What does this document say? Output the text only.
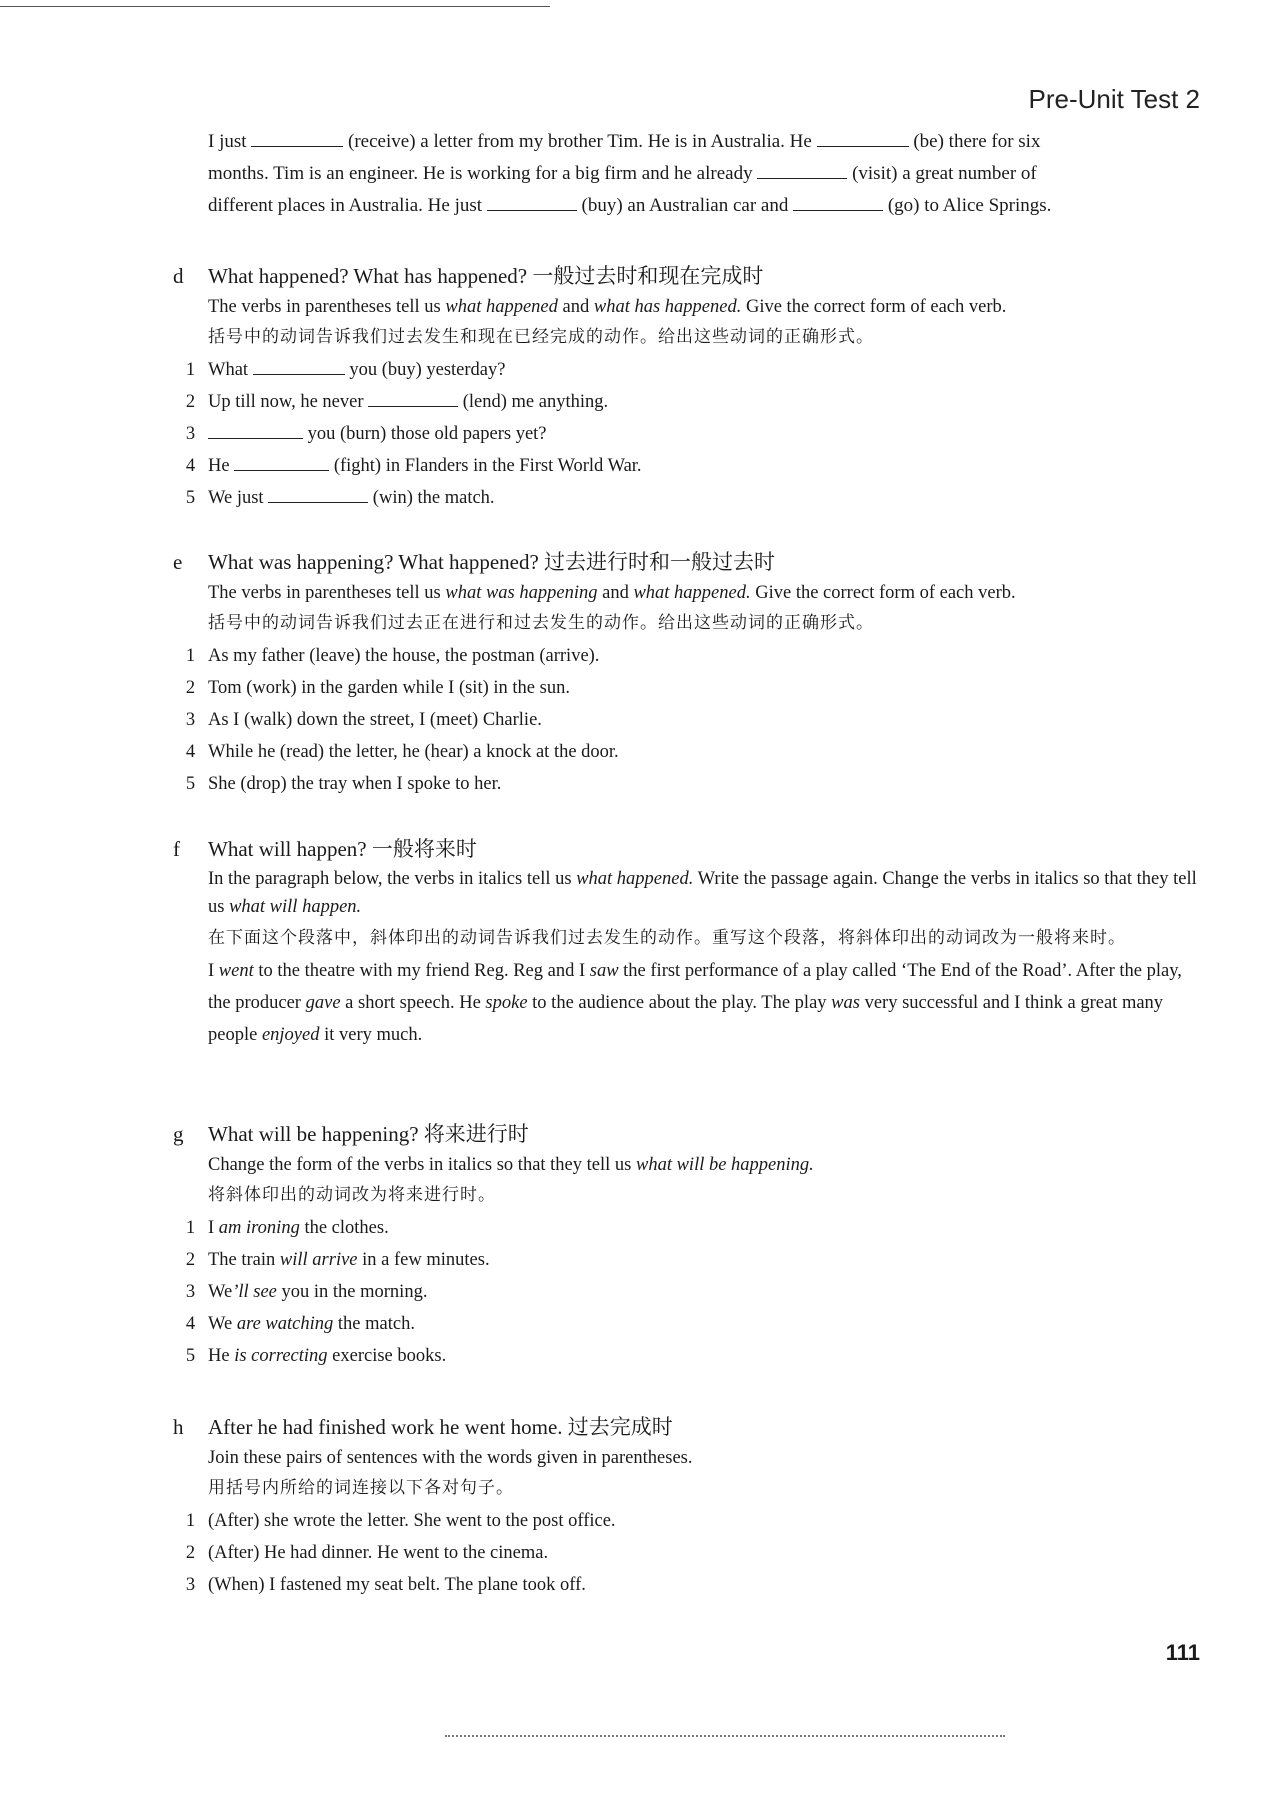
Pre-Unit Test 2
I just	(receive) a letter from my brother Tim. He is in Australia. He	(be) there for six
months. Tim is an engineer. He is working for a big firm and he already	(visit) a great number of
different places in Australia. He just	(buy) an Australian car and	(go) to Alice Springs.
d What happened? What has happened? 一般过去时和现在完成时
The verbs in parentheses tell us what happened and what has happened. Give the correct form of each verb.
括号中的动词告诉我们过去发生和现在已经完成的动作。给出这些动词的正确形式。
1 What	you (buy) yesterday?
2 Up till now, he never	(lend) me anything.
3	you (burn) those old papers yet?
4 He	(fight) in Flanders in the First World War.
5 We just	(win) the match.
e What was happening? What happened? 过去进行时和一般过去时
The verbs in parentheses tell us what was happening and what happened. Give the correct form of each verb.
括号中的动词告诉我们过去正在进行和过去发生的动作。给出这些动词的正确形式。
1 As my father (leave) the house, the postman (arrive).
2 Tom (work) in the garden while I (sit) in the sun.
3 As I (walk) down the street, I (meet) Charlie.
4 While he (read) the letter, he (hear) a knock at the door.
5 She (drop) the tray when I spoke to her.
f What will happen? 一般将来时
In the paragraph below, the verbs in italics tell us what happened. Write the passage again. Change the verbs in italics so that they tell us what will happen.
在下面这个段落中，斜体印出的动词告诉我们过去发生的动作。重写这个段落，将斜体印出的动词改为一般将来时。
I went to the theatre with my friend Reg. Reg and I saw the first performance of a play called ‘The End of the Road’. After the play, the producer gave a short speech. He spoke to the audience about the play. The play was very successful and I think a great many people enjoyed it very much.
g What will be happening? 将来进行时
Change the form of the verbs in italics so that they tell us what will be happening.
将斜体印出的动词改为将来进行时。
1 I am ironing the clothes.
2 The train will arrive in a few minutes.
3 We’ll see you in the morning.
4 We are watching the match.
5 He is correcting exercise books.
h After he had finished work he went home. 过去完成时
Join these pairs of sentences with the words given in parentheses.
用括号内所给的词连接以下各对句子。
1 (After) she wrote the letter. She went to the post office.
2 (After) He had dinner. He went to the cinema.
3 (When) I fastened my seat belt. The plane took off.
111
